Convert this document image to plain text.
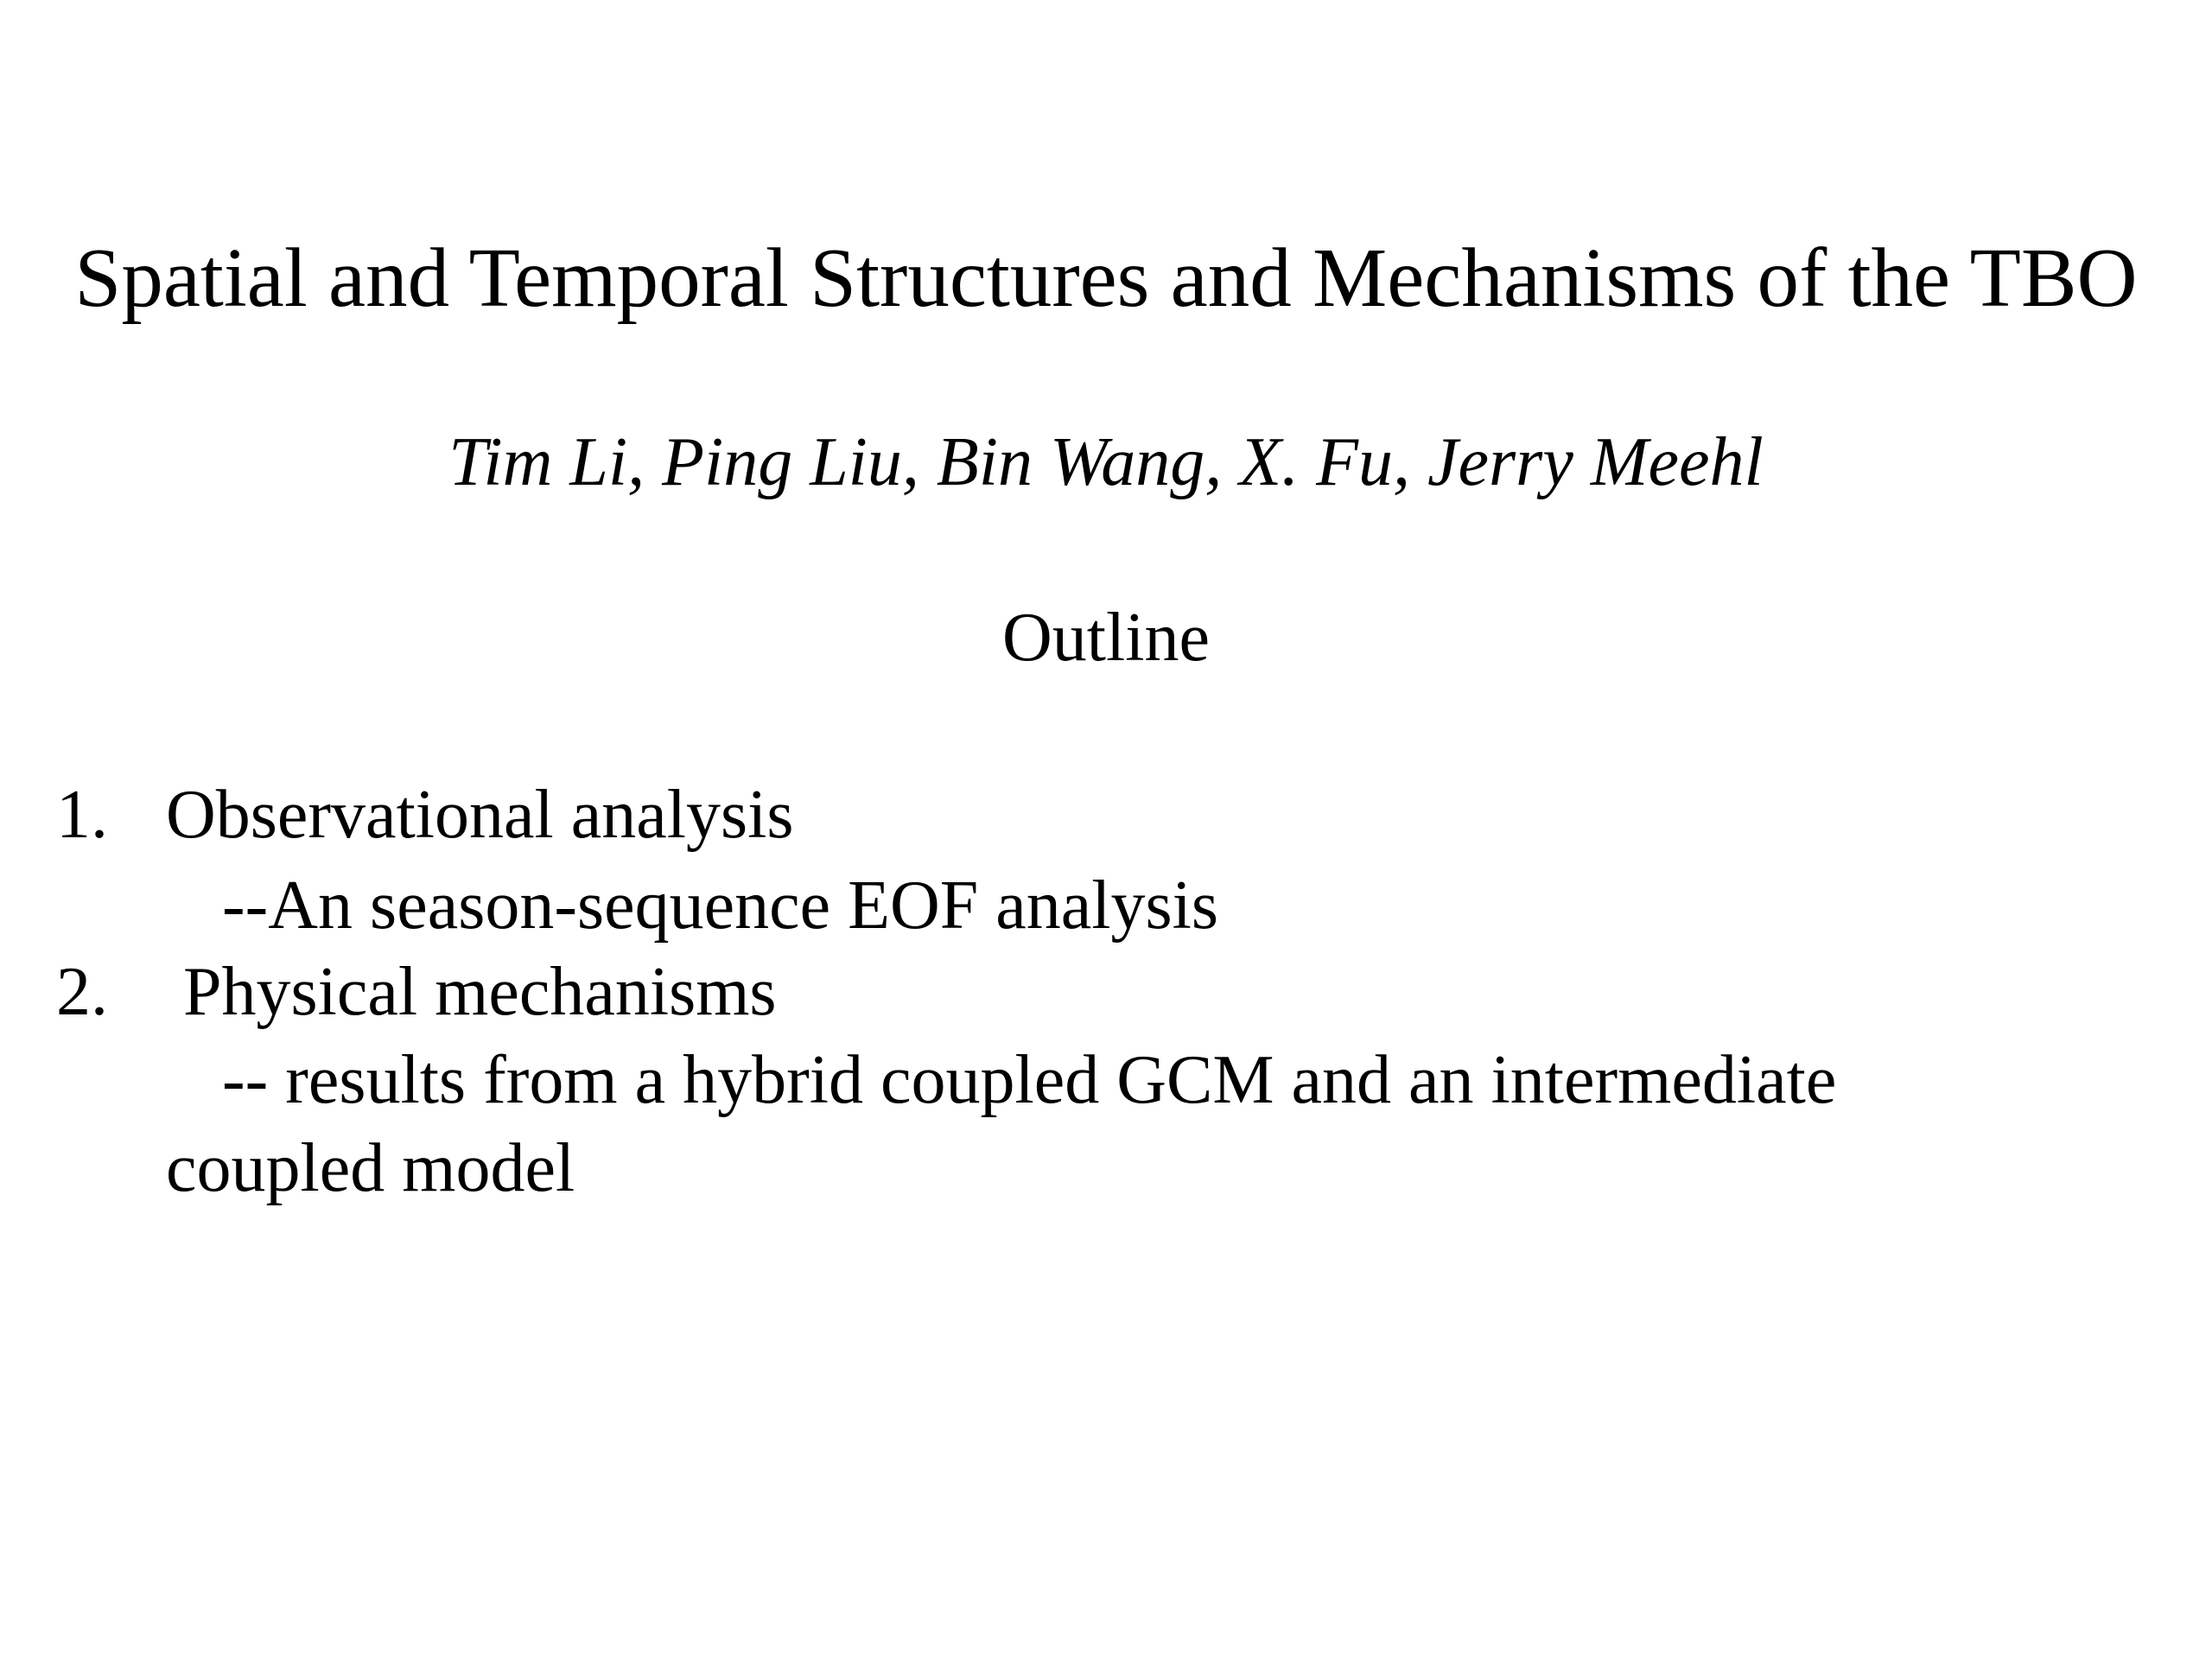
Spatial and Temporal Structures and Mechanisms of the TBO
Tim Li, Ping Liu, Bin Wang, X. Fu, Jerry Meehl
Outline
1. Observational analysis
--An season-sequence EOF analysis
2. Physical mechanisms
-- results from a hybrid coupled GCM and an intermediate
coupled model
